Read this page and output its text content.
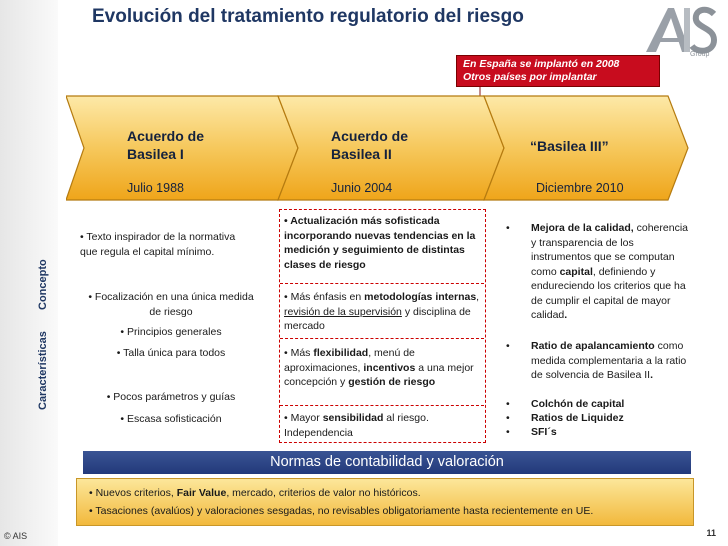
Evolución del tratamiento regulatorio del riesgo
Group
En España se implantó en 2008
Otros países por implantar
Acuerdo de
Basilea I
Julio 1988
Acuerdo de
Basilea II
Junio 2004
“Basilea III”
Diciembre 2010
Concepto
Características
• Texto inspirador de la normativa que regula el capital mínimo.
• Focalización en una única medida de riesgo
• Principios generales
• Talla única para todos
• Pocos parámetros y guías
• Escasa sofisticación
• Actualización más sofisticada incorporando nuevas tendencias en la medición y seguimiento de distintas clases de riesgo
• Más énfasis en metodologías internas, revisión de la supervisión y disciplina de mercado
• Más flexibilidad, menú de aproximaciones, incentivos a una mejor concepción y gestión de riesgo
• Mayor sensibilidad al riesgo. Independencia
• Mejora de la calidad, coherencia y transparencia de los instrumentos que se computan como capital, definiendo y endureciendo los criterios que ha de cumplir el capital de mayor calidad.
• Ratio de apalancamiento como medida complementaria a la ratio de solvencia de Basilea II.
• Colchón de capital
• Ratios de Liquidez
• SFI´s
Normas de contabilidad y valoración
• Nuevos criterios, Fair Value, mercado, criterios de valor no históricos.
• Tasaciones (avalúos) y valoraciones sesgadas, no revisables obligatoriamente hasta recientemente en UE.
© AIS	11
